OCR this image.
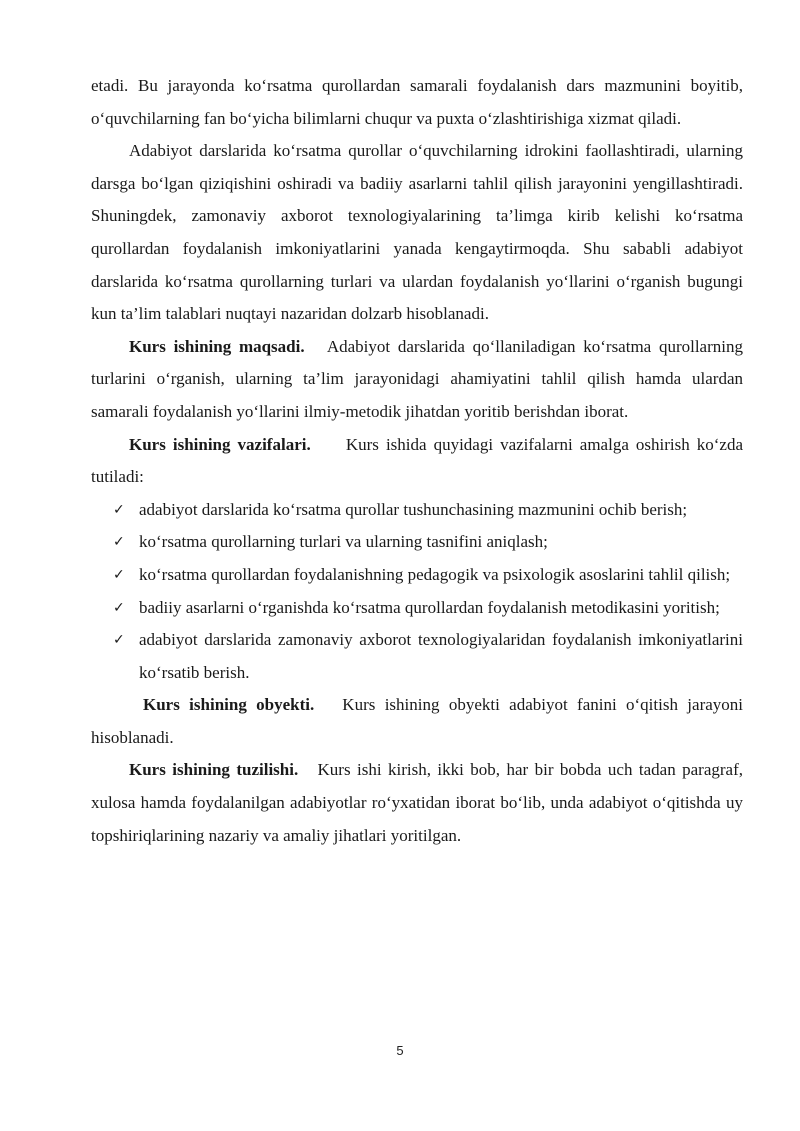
etadi. Bu jarayonda ko‘rsatma qurollardan samarali foydalanish dars mazmunini boyitib, o‘quvchilarning fan bo‘yicha bilimlarni chuqur va puxta o‘zlashtirishiga xizmat qiladi.

Adabiyot darslarida ko‘rsatma qurollar o‘quvchilarning idrokini faollashtiradi, ularning darsga bo‘lgan qiziqishini oshiradi va badiiy asarlarni tahlil qilish jarayonini yengillashtiradi. Shuningdek, zamonaviy axborot texnologiyalarining ta’limga kirib kelishi ko‘rsatma qurollardan foydalanish imkoniyatlarini yanada kengaytirmoqda. Shu sababli adabiyot darslarida ko‘rsatma qurollarning turlari va ulardan foydalanish yo‘llarini o‘rganish bugungi kun ta’lim talablari nuqtayi nazaridan dolzarb hisoblanadi.

Kurs ishining maqsadi. Adabiyot darslarida qo‘llaniladigan ko‘rsatma qurollarning turlarini o‘rganish, ularning ta’lim jarayonidagi ahamiyatini tahlil qilish hamda ulardan samarali foydalanish yo‘llarini ilmiy-metodik jihatdan yoritib berishdan iborat.

Kurs ishining vazifalari. Kurs ishida quyidagi vazifalarni amalga oshirish ko‘zda tutiladi:

✓ adabiyot darslarida ko‘rsatma qurollar tushunchasining mazmunini ochib berish;
✓ ko‘rsatma qurollarning turlari va ularning tasnifini aniqlash;
✓ ko‘rsatma qurollardan foydalanishning pedagogik va psixologik asoslarini tahlil qilish;
✓ badiiy asarlarni o‘rganishda ko‘rsatma qurollardan foydalanish metodikasini yoritish;
✓ adabiyot darslarida zamonaviy axborot texnologiyalaridan foydalanish imkoniyatlarini ko‘rsatib berish.

Kurs ishining obyekti. Kurs ishining obyekti adabiyot fanini o‘qitish jarayoni hisoblanadi.

Kurs ishining tuzilishi. Kurs ishi kirish, ikki bob, har bir bobda uch tadan paragraf, xulosa hamda foydalanilgan adabiyotlar ro‘yxatidan iborat bo‘lib, unda adabiyot o‘qitishda uy topshiriqlarining nazariy va amaliy jihatlari yoritilgan.

5
